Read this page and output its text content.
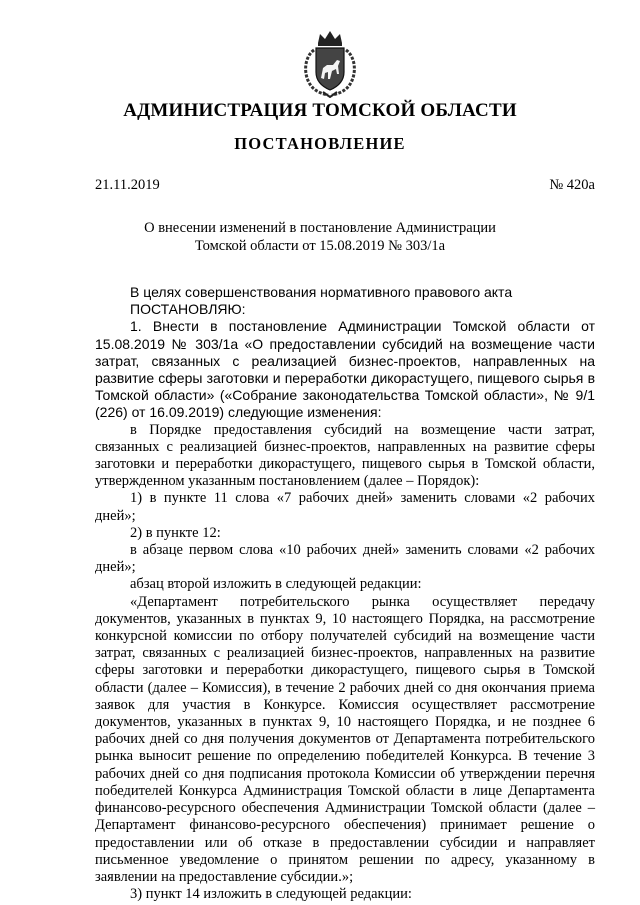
АДМИНИСТРАЦИЯ ТОМСКОЙ ОБЛАСТИ
ПОСТАНОВЛЕНИЕ
21.11.2019	№ 420а
О внесении изменений в постановление Администрации
Томской области от 15.08.2019 № 303/1а

В целях совершенствования нормативного правового акта

ПОСТАНОВЛЯЮ:

1. Внести в постановление Администрации Томской области от 15.08.2019 № 303/1а «О предоставлении субсидий на возмещение части затрат, связанных с реализацией бизнес-проектов, направленных на развитие сферы заготовки и переработки дикорастущего, пищевого сырья в Томской области» («Собрание законодательства Томской области», № 9/1 (226) от 16.09.2019) следующие изменения:

в Порядке предоставления субсидий на возмещение части затрат, связанных с реализацией бизнес-проектов, направленных на развитие сферы заготовки и переработки дикорастущего, пищевого сырья в Томской области, утвержденном указанным постановлением (далее – Порядок):

1) в пункте 11 слова «7 рабочих дней» заменить словами «2 рабочих дней»;

2) в пункте 12:

в абзаце первом слова «10 рабочих дней» заменить словами «2 рабочих дней»;

абзац второй изложить в следующей редакции:

«Департамент потребительского рынка осуществляет передачу документов, указанных в пунктах 9, 10 настоящего Порядка, на рассмотрение конкурсной комиссии по отбору получателей субсидий на возмещение части затрат, связанных с реализацией бизнес-проектов, направленных на развитие сферы заготовки и переработки дикорастущего, пищевого сырья в Томской области (далее – Комиссия), в течение 2 рабочих дней со дня окончания приема заявок для участия в Конкурсе. Комиссия осуществляет рассмотрение документов, указанных в пунктах 9, 10 настоящего Порядка, и не позднее 6 рабочих дней со дня получения документов от Департамента потребительского рынка выносит решение по определению победителей Конкурса. В течение 3 рабочих дней со дня подписания протокола Комиссии об утверждении перечня победителей Конкурса Администрация Томской области в лице Департамента финансово-ресурсного обеспечения Администрации Томской области (далее – Департамент финансово-ресурсного обеспечения) принимает решение о предоставлении или об отказе в предоставлении субсидии и направляет письменное уведомление о принятом решении по адресу, указанному в заявлении на предоставление субсидии.»;

3) пункт 14 изложить в следующей редакции:
